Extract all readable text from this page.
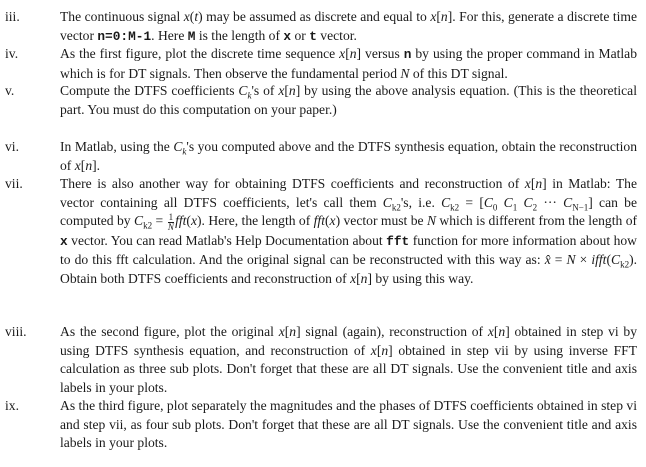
iii.	The continuous signal x(t) may be assumed as discrete and equal to x[n]. For this, generate a discrete time vector n=0:M-1. Here M is the length of x or t vector.

iv.	As the first figure, plot the discrete time sequence x[n] versus n by using the proper command in Matlab which is for DT signals. Then observe the fundamental period N of this DT signal.

v.	Compute the DTFS coefficients $C_k's$ of x[n] by using the above analysis equation. (This is the theoretical part. You must do this computation on your paper.)

vi.	In Matlab, using the $C_k's$ you computed above and the DTFS synthesis equation, obtain the reconstruction of x[n].

vii.	There is also another way for obtaining DTFS coefficients and reconstruction of x[n] in Matlab: The vector containing all DTFS coefficients, let's call them $C_{k2}'s$, i.e. $C_{k2} = [C_0$ $C_1$ $C_2$ ··· $C_{N-1}$] can be computed by $C_{k2} = \frac{1}{N} fft(x)$. Here, the length of fft(x) vector must be N which is different from the length of x vector. You can read Matlab's Help Documentation about fft function for more information about how to do this fft calculation. And the original signal can be reconstructed with this way as: x̂ = $N \times ifft(C_{k2})$. Obtain both DTFS coefficients and reconstruction of x[n] by using this way.

viii.	As the second figure, plot the original x[n] signal (again), reconstruction of x[n] obtained in step vi by using DTFS synthesis equation, and reconstruction of x[n] obtained in step vii by using inverse FFT calculation as three sub plots. Don't forget that these are all DT signals. Use the convenient title and axis labels in your plots.

ix.	As the third figure, plot separately the magnitudes and the phases of DTFS coefficients obtained in step vi and step vii, as four sub plots. Don't forget that these are all DT signals. Use the convenient title and axis labels in your plots.
